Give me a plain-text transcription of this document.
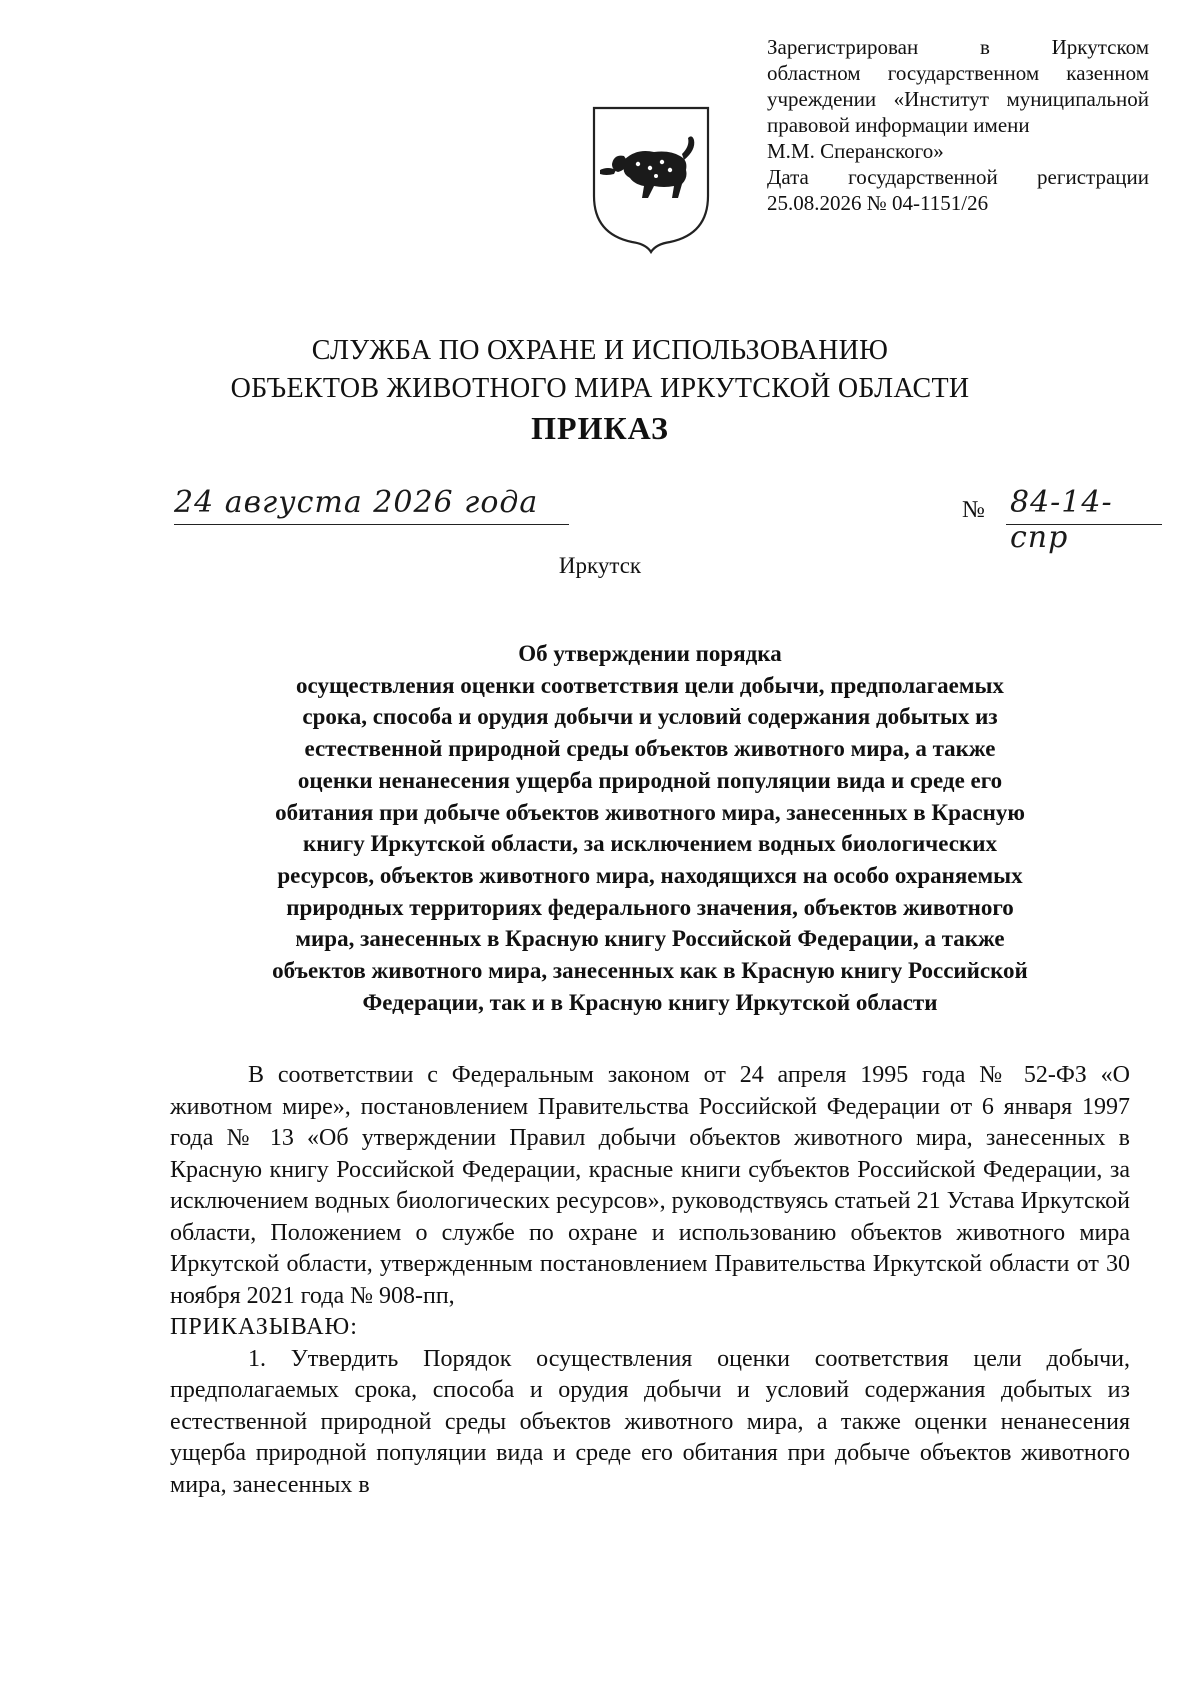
Зарегистрирован в Иркутском
областном государственном казенном
учреждении «Институт муниципальной
правовой информации имени
М.М. Сперанского»
Дата государственной регистрации
25.08.2026 № 04-1151/26
СЛУЖБА ПО ОХРАНЕ И ИСПОЛЬЗОВАНИЮ
ОБЪЕКТОВ ЖИВОТНОГО МИРА ИРКУТСКОЙ ОБЛАСТИ
ПРИКАЗ
24 августа 2026 года	№ 84-14-спр
Иркутск
Об утверждении порядка
осуществления оценки соответствия цели добычи, предполагаемых
срока, способа и орудия добычи и условий содержания добытых из
естественной природной среды объектов животного мира, а также
оценки ненанесения ущерба природной популяции вида и среде его
обитания при добыче объектов животного мира, занесенных в Красную
книгу Иркутской области, за исключением водных биологических
ресурсов, объектов животного мира, находящихся на особо охраняемых
природных территориях федерального значения, объектов животного
мира, занесенных в Красную книгу Российской Федерации, а также
объектов животного мира, занесенных как в Красную книгу Российской
Федерации, так и в Красную книгу Иркутской области

В соответствии с Федеральным законом от 24 апреля 1995 года № 52-ФЗ «О животном мире», постановлением Правительства Российской Федерации от 6 января 1997 года № 13 «Об утверждении Правил добычи объектов животного мира, занесенных в Красную книгу Российской Федерации, красные книги субъектов Российской Федерации, за исключением водных биологических ресурсов», руководствуясь статьей 21 Устава Иркутской области, Положением о службе по охране и использованию объектов животного мира Иркутской области, утвержденным постановлением Правительства Иркутской области от 30 ноября 2021 года № 908-пп,

ПРИКАЗЫВАЮ:

1. Утвердить Порядок осуществления оценки соответствия цели добычи, предполагаемых срока, способа и орудия добычи и условий содержания добытых из естественной природной среды объектов животного мира, а также оценки ненанесения ущерба природной популяции вида и среде его обитания при добыче объектов животного мира, занесенных в
